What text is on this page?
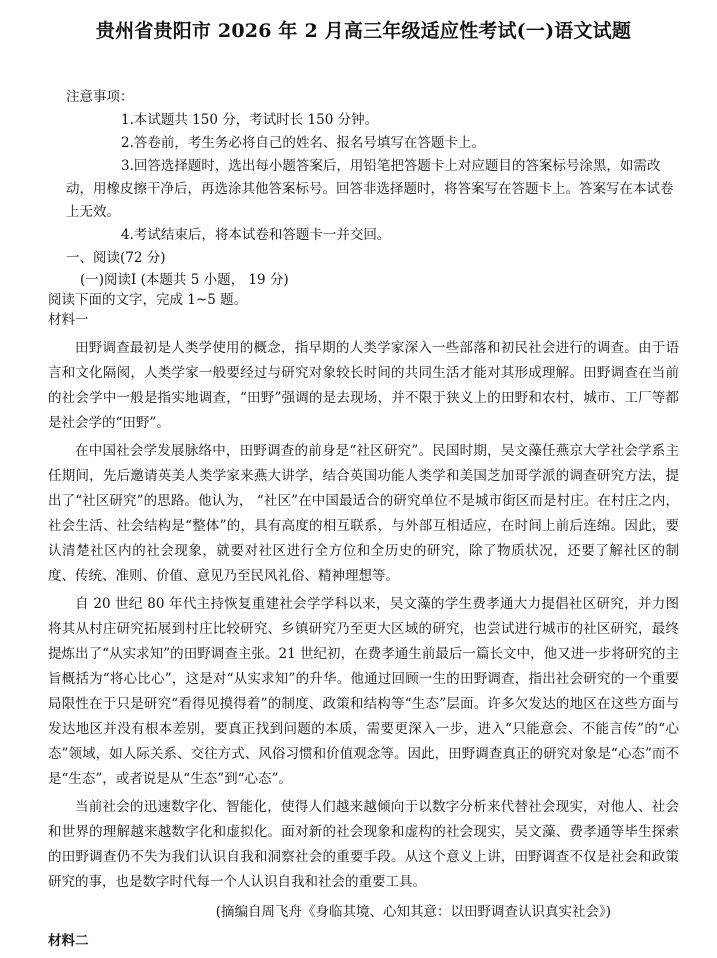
贵州省贵阳市 2026 年 2 月高三年级适应性考试(一)语文试题
注意事项：

1.本试题共 150 分，考试时长 150 分钟。

2.答卷前，考生务必将自己的姓名、报名号填写在答题卡上。

3.回答选择题时，选出每小题答案后，用铅笔把答题卡上对应题目的答案标号涂黑，如需改动，用橡皮擦干净后，再选涂其他答案标号。回答非选择题时，将答案写在答题卡上。答案写在本试卷上无效。

4.考试结束后，将本试卷和答题卡一并交回。

一、阅读(72 分)
(一)阅读Ⅰ (本题共 5 小题， 19 分)
阅读下面的文字，完成 1~5 题。
材料一

田野调查最初是人类学使用的概念，指早期的人类学家深入一些部落和初民社会进行的调查。由于语言和文化隔阂，人类学家一般要经过与研究对象较长时间的共同生活才能对其形成理解。田野调查在当前的社会学中一般是指实地调查，“田野”强调的是去现场，并不限于狭义上的田野和农村，城市、工厂等都是社会学的“田野”。

在中国社会学发展脉络中，田野调查的前身是“社区研究”。民国时期，吴文藻任燕京大学社会学系主任期间，先后邀请英美人类学家来燕大讲学，结合英国功能人类学和美国芝加哥学派的调查研究方法，提出了“社区研究”的思路。他认为， “社区”在中国最适合的研究单位不是城市街区而是村庄。在村庄之内，社会生活、社会结构是“整体”的，具有高度的相互联系，与外部互相适应，在时间上前后连绵。因此，要认清楚社区内的社会现象，就要对社区进行全方位和全历史的研究，除了物质状况，还要了解社区的制度、传统、准则、价值、意见乃至民风礼俗、精神理想等。

自 20 世纪 80 年代主持恢复重建社会学学科以来，吴文藻的学生费孝通大力提倡社区研究，并力图将其从村庄研究拓展到村庄比较研究、乡镇研究乃至更大区域的研究，也尝试进行城市的社区研究，最终提炼出了“从实求知”的田野调查主张。21 世纪初，在费孝通生前最后一篇长文中，他又进一步将研究的主旨概括为“将心比心”，这是对“从实求知”的升华。他通过回顾一生的田野调查，指出社会研究的一个重要局限性在于只是研究“看得见摸得着”的制度、政策和结构等“生态”层面。许多欠发达的地区在这些方面与发达地区并没有根本差别，要真正找到问题的本质，需要更深入一步，进入“只能意会、不能言传”的“心态”领域，如人际关系、交往方式、风俗习惯和价值观念等。因此，田野调查真正的研究对象是“心态”而不是“生态”，或者说是从“生态”到“心态”。

当前社会的迅速数字化、智能化，使得人们越来越倾向于以数字分析来代替社会现实，对他人、社会和世界的理解越来越数字化和虚拟化。面对新的社会现象和虚构的社会现实，吴文藻、费孝通等毕生探索的田野调查仍不失为我们认识自我和洞察社会的重要手段。从这个意义上讲，田野调查不仅是社会和政策研究的事，也是数字时代每一个人认识自我和社会的重要工具。

(摘编自周飞舟《身临其境、心知其意：以田野调查认识真实社会》)
材料二
